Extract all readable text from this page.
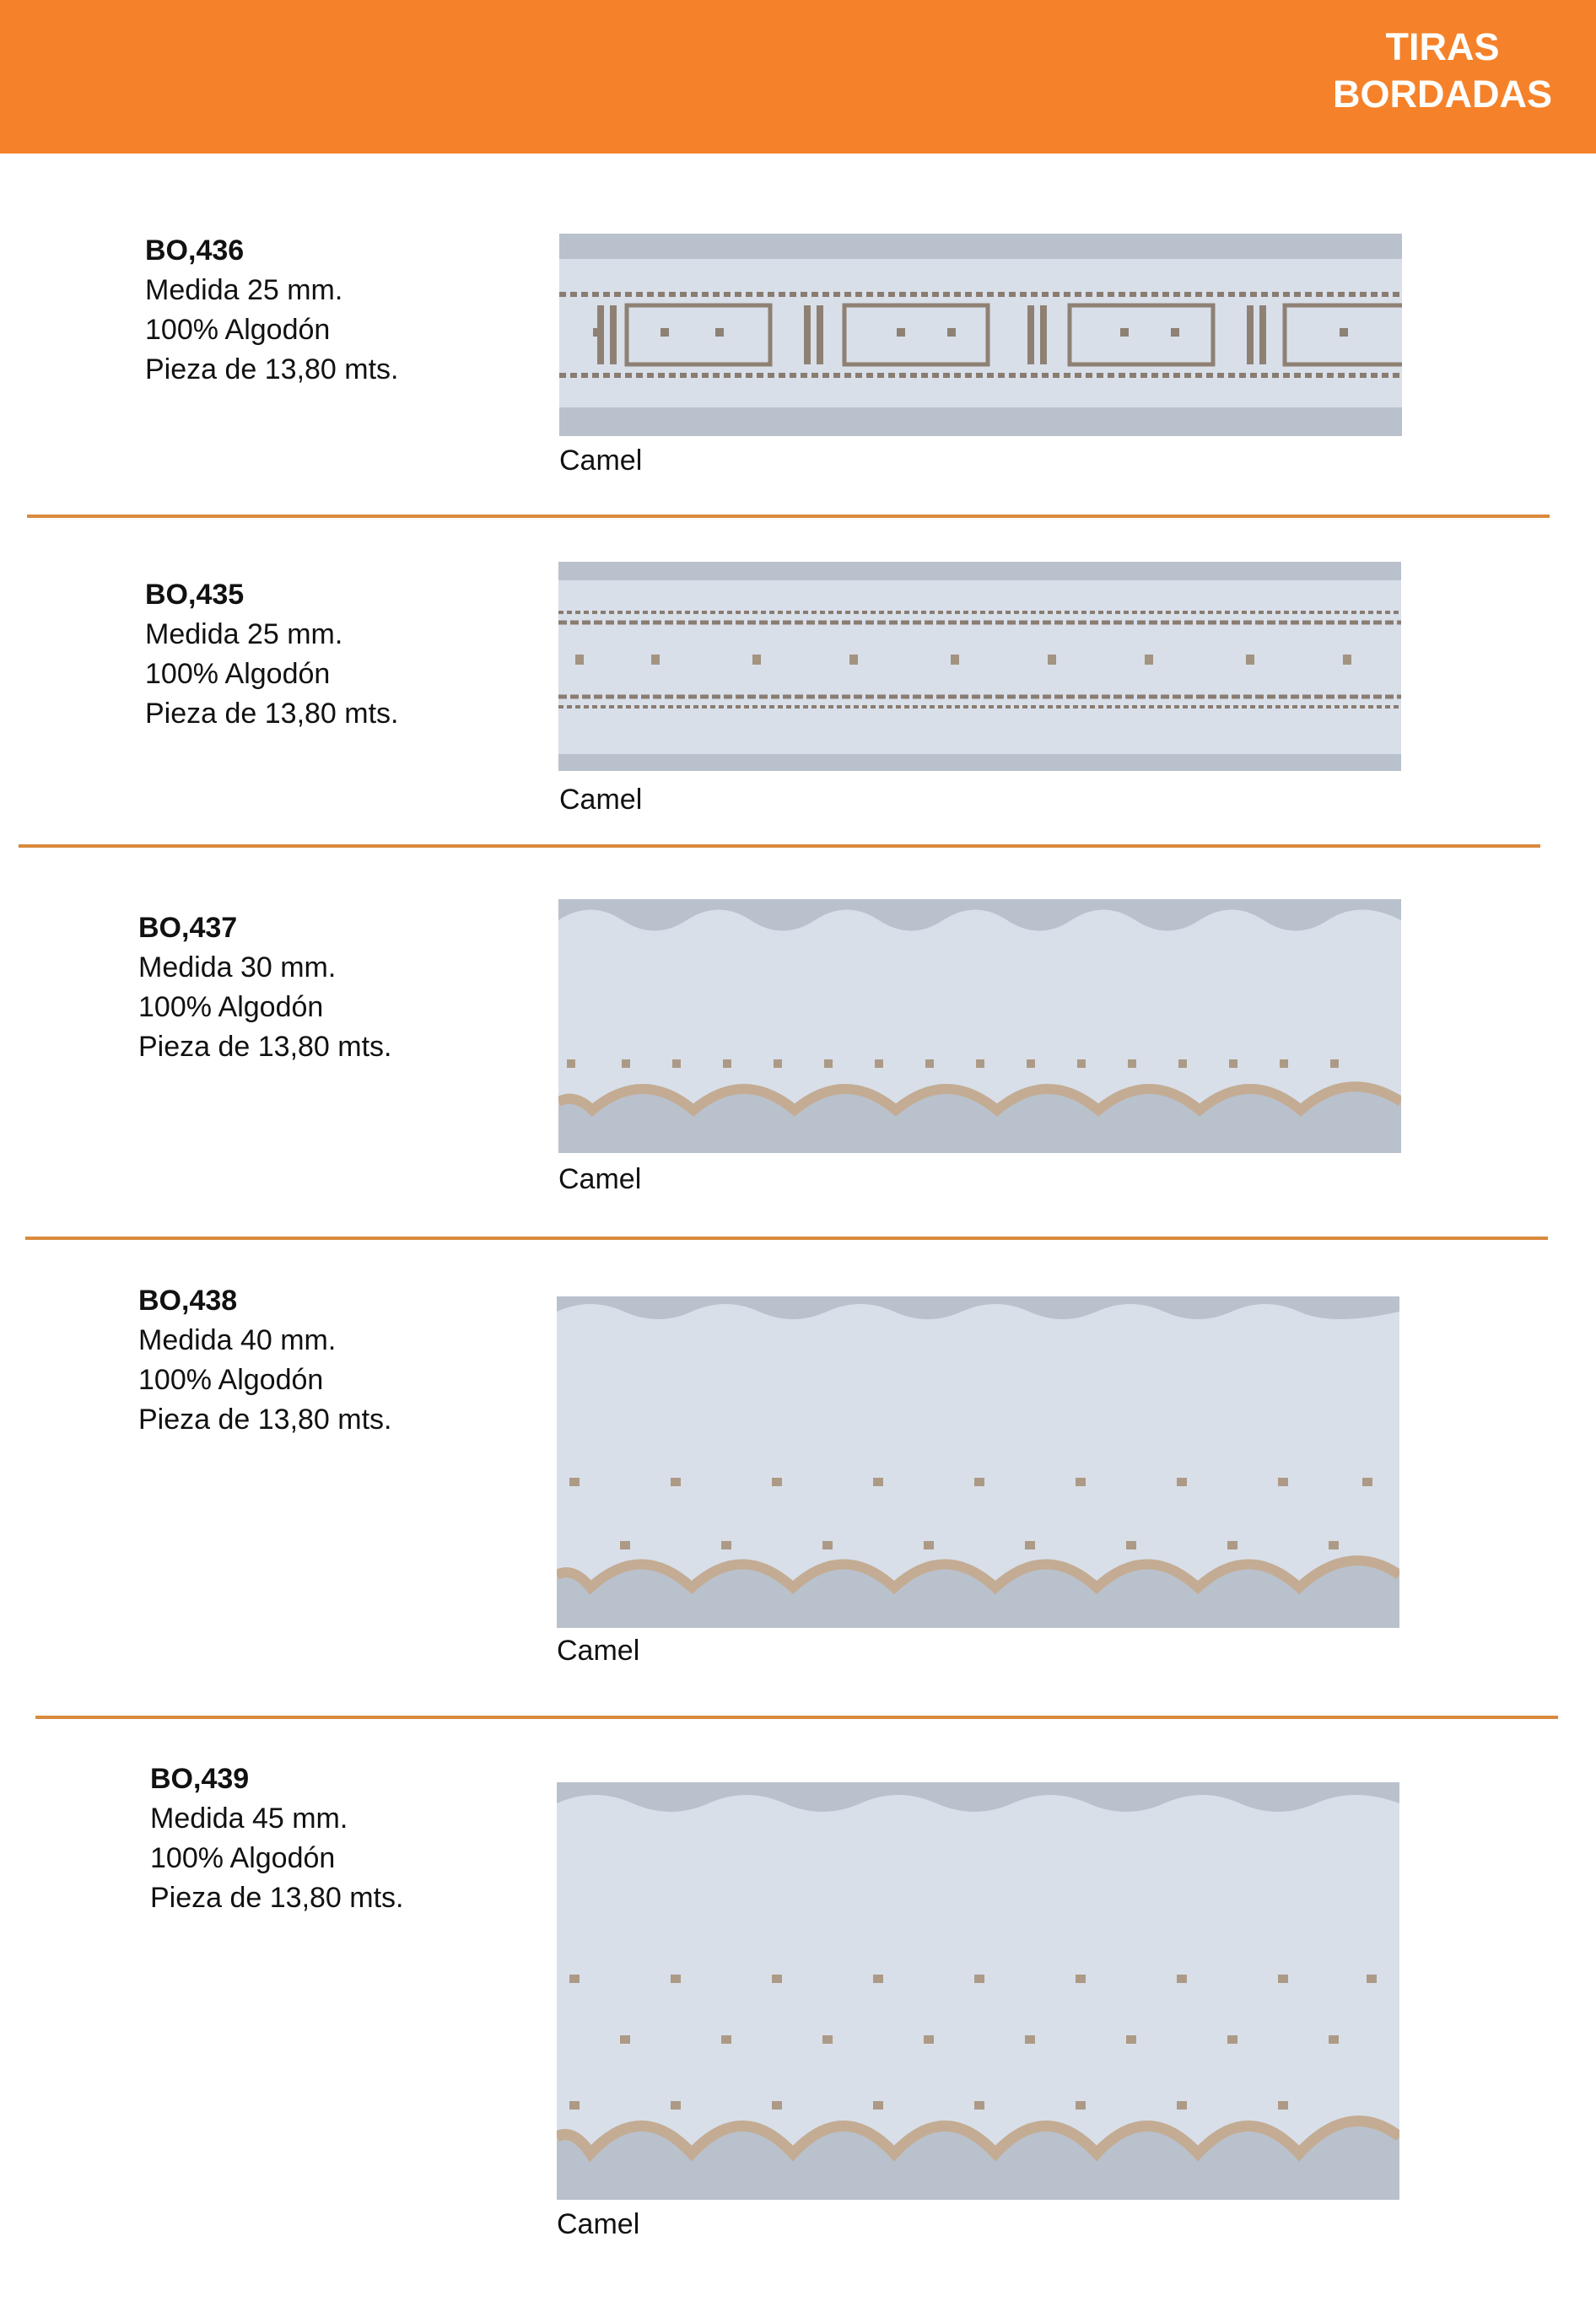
TIRAS
BORDADAS
BO,436
Medida 25 mm.
100% Algodón
Pieza de 13,80 mts.
Camel
BO,435
Medida 25 mm.
100% Algodón
Pieza de 13,80 mts.
Camel
BO,437
Medida 30 mm.
100% Algodón
Pieza de 13,80 mts.
Camel
BO,438
Medida 40 mm.
100% Algodón
Pieza de 13,80 mts.
Camel
BO,439
Medida 45 mm.
100% Algodón
Pieza de 13,80 mts.
Camel
